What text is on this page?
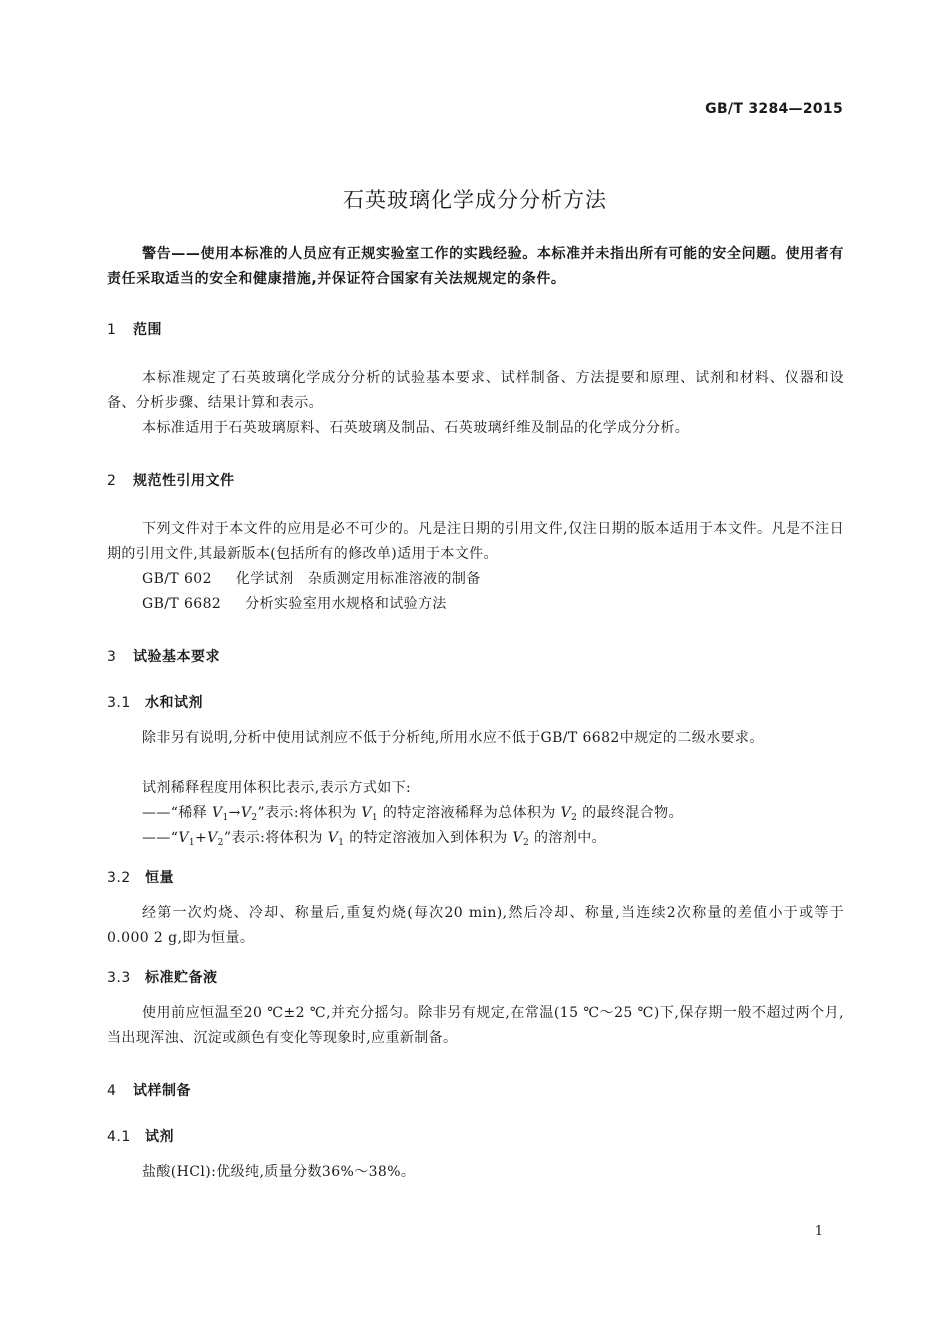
GB/T 3284—2015
石英玻璃化学成分分析方法

警告——使用本标准的人员应有正规实验室工作的实践经验。本标准并未指出所有可能的安全问题。使用者有责任采取适当的安全和健康措施,并保证符合国家有关法规规定的条件。

1 范围

本标准规定了石英玻璃化学成分分析的试验基本要求、试样制备、方法提要和原理、试剂和材料、仪器和设备、分析步骤、结果计算和表示。

本标准适用于石英玻璃原料、石英玻璃及制品、石英玻璃纤维及制品的化学成分分析。

2 规范性引用文件

下列文件对于本文件的应用是必不可少的。凡是注日期的引用文件,仅注日期的版本适用于本文件。凡是不注日期的引用文件,其最新版本(包括所有的修改单)适用于本文件。

GB/T 602 化学试剂　杂质测定用标准溶液的制备

GB/T 6682 分析实验室用水规格和试验方法

3 试验基本要求
3.1 水和试剂

除非另有说明,分析中使用试剂应不低于分析纯,所用水应不低于GB/T 6682中规定的二级水要求。

试剂稀释程度用体积比表示,表示方式如下:

——“稀释 $V_1\to V_2$”表示:将体积为 $V_1$ 的特定溶液稀释为总体积为 $V_2$ 的最终混合物。

$——“V_1+V_2$”表示:将体积为 $V_1$ 的特定溶液加入到体积为 $V_2$ 的溶剂中。

3.2 恒量

经第一次灼烧、冷却、称量后,重复灼烧(每次20 min),然后冷却、称量,当连续2次称量的差值小于或等于0.000 2 g,即为恒量。

3.3 标准贮备液

使用前应恒温至20 ℃±2 ℃,并充分摇匀。除非另有规定,在常温(15 ℃～25 ℃)下,保存期一般不超过两个月,当出现浑浊、沉淀或颜色有变化等现象时,应重新制备。

4 试样制备
4.1 试剂

盐酸(HCl):优级纯,质量分数36%～38%。

1
